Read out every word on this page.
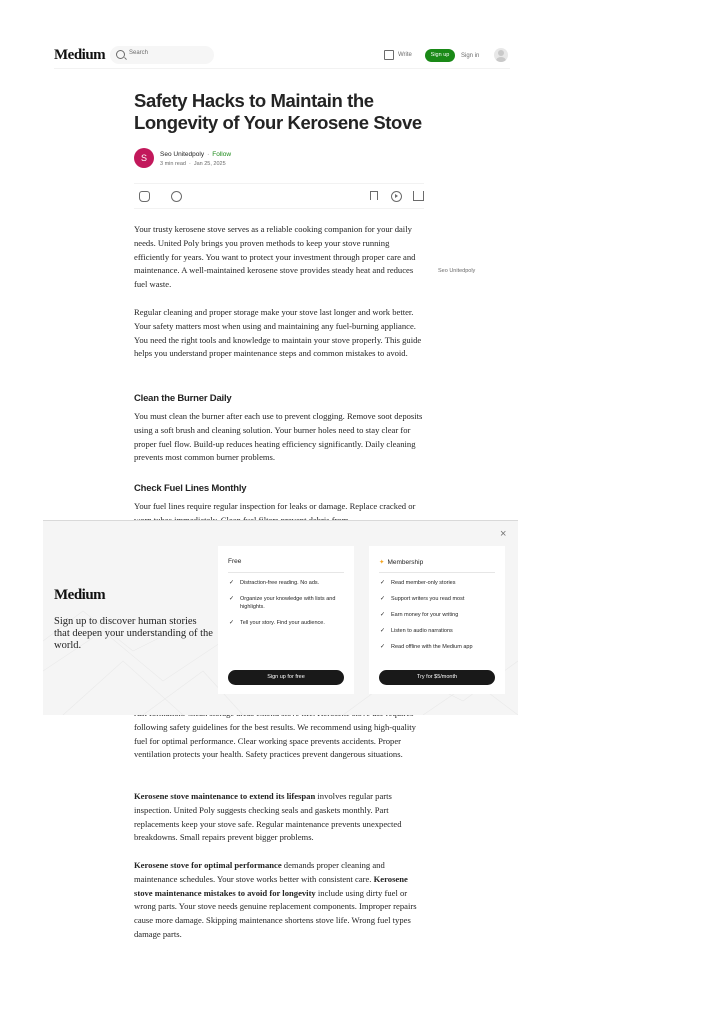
Medium	Search	Write	Sign up	Sign in
Safety Hacks to Maintain the Longevity of Your Kerosene Stove
S	Seo Unitedpoly · Follow
3 min read · Jan 25, 2025
Your trusty kerosene stove serves as a reliable cooking companion for your daily needs. United Poly brings you proven methods to keep your stove running efficiently for years. You want to protect your investment through proper care and maintenance. A well-maintained kerosene stove provides steady heat and reduces fuel waste.
Seo Unitedpoly
Regular cleaning and proper storage make your stove last longer and work better. Your safety matters most when using and maintaining any fuel-burning appliance. You need the right tools and knowledge to maintain your stove properly. This guide helps you understand proper maintenance steps and common mistakes to avoid.
Clean the Burner Daily
You must clean the burner after each use to prevent clogging. Remove soot deposits using a soft brush and cleaning solution. Your burner holes need to stay clear for proper fuel flow. Build-up reduces heating efficiency significantly. Daily cleaning prevents most common burner problems.
Check Fuel Lines Monthly
Your fuel lines require regular inspection for leaks or damage. Replace cracked or
following safety guidelines for the best results. We recommend using high-quality fuel for optimal performance. Clear working space prevents accidents. Proper ventilation protects your health. Safety practices prevent dangerous situations.
Kerosene stove maintenance to extend its lifespan involves regular parts inspection. United Poly suggests checking seals and gaskets monthly. Part replacements keep your stove safe. Regular maintenance prevents unexpected breakdowns. Small repairs prevent bigger problems.
Kerosene stove for optimal performance demands proper cleaning and maintenance schedules. Your stove works better with consistent care. Kerosene stove maintenance mistakes to avoid for longevity include using dirty fuel or wrong parts. Your stove needs genuine replacement components. Improper repairs cause more damage. Skipping maintenance shortens stove life. Wrong fuel types damage parts.
×
Medium
Sign up to discover human stories that deepen your understanding of the world.
Free
✓ Distraction-free reading. No ads.
✓ Organize your knowledge with lists and highlights.
✓ Tell your story. Find your audience.
Sign up for free
✦ Membership
✓ Read member-only stories
✓ Support writers you read most
✓ Earn money for your writing
✓ Listen to audio narrations
✓ Read offline with the Medium app
Try for $5/month
